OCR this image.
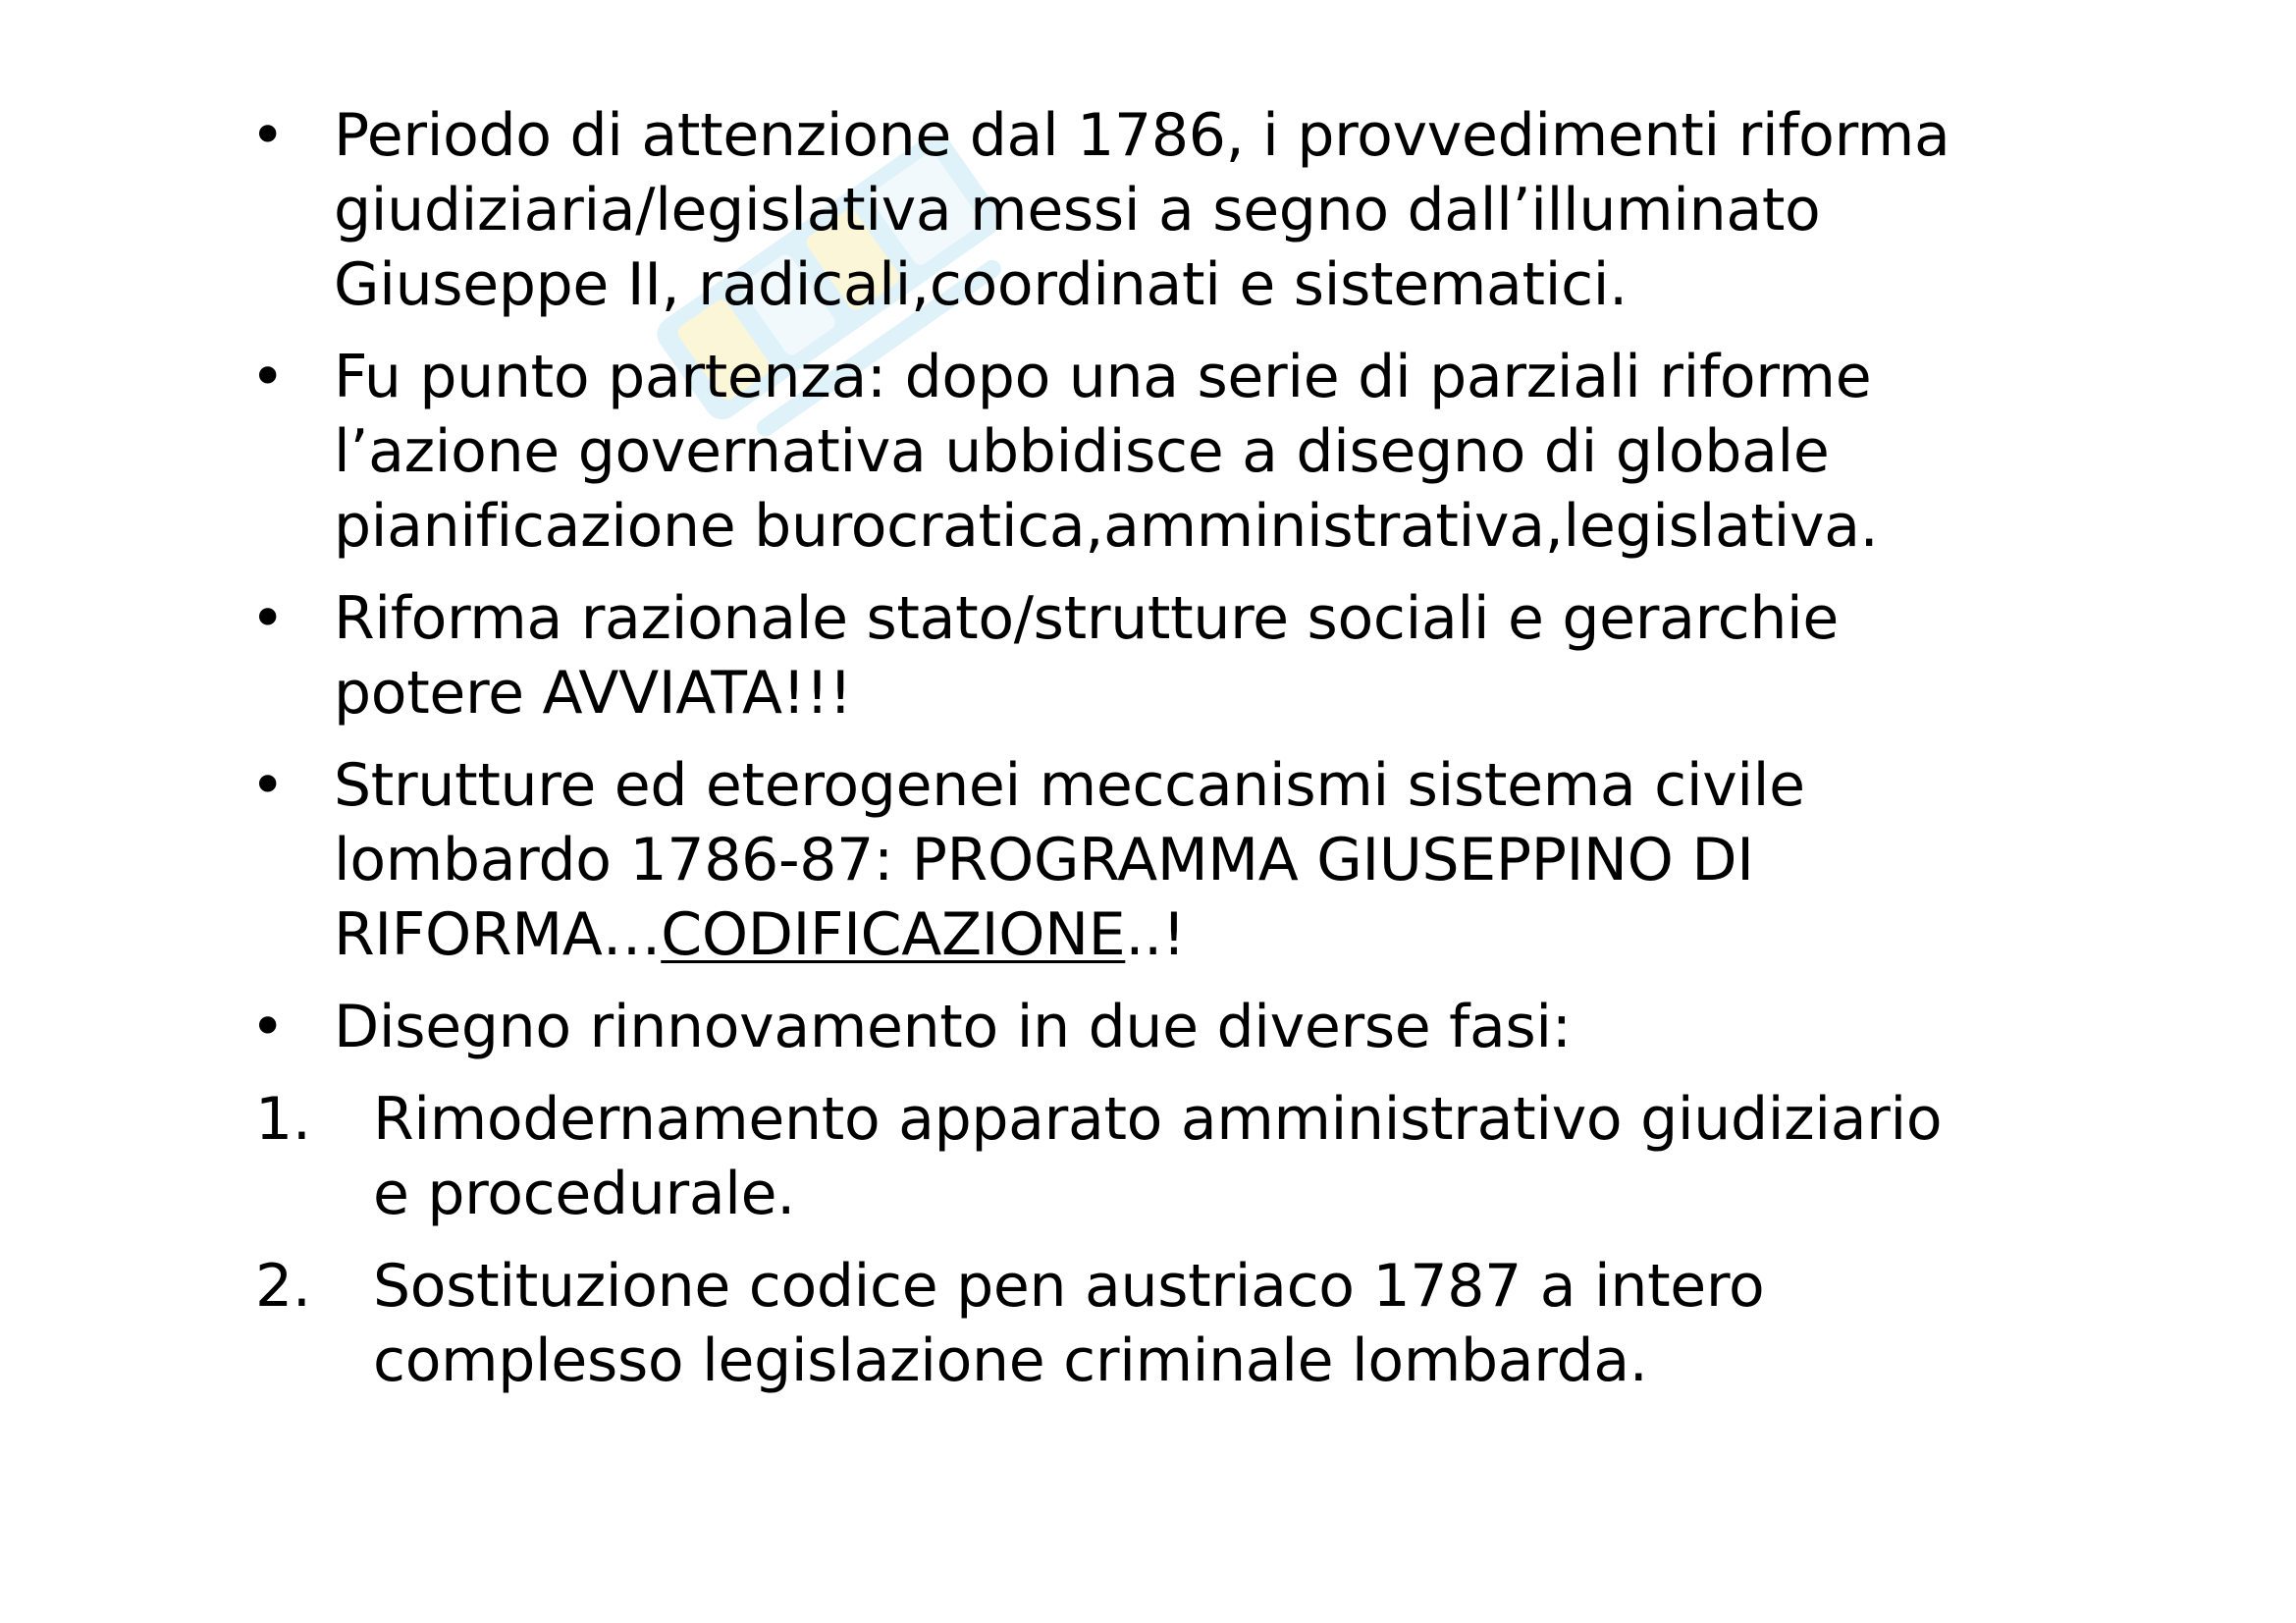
• Periodo di attenzione dal 1786, i provvedimenti riforma
giudiziaria/legislativa messi a segno dall’illuminato
Giuseppe II, radicali,coordinati e sistematici.
• Fu punto partenza: dopo una serie di parziali riforme
l’azione governativa ubbidisce a disegno di globale
pianificazione burocratica,amministrativa,legislativa.
• Riforma razionale stato/strutture sociali e gerarchie
potere AVVIATA!!!
• Strutture ed eterogenei meccanismi sistema civile
lombardo 1786-87: PROGRAMMA GIUSEPPINO DI
RIFORMA…CODIFICAZIONE..!
• Disegno rinnovamento in due diverse fasi:
1. Rimodernamento apparato amministrativo giudiziario
e procedurale.
2. Sostituzione codice pen austriaco 1787 a intero
complesso legislazione criminale lombarda.
